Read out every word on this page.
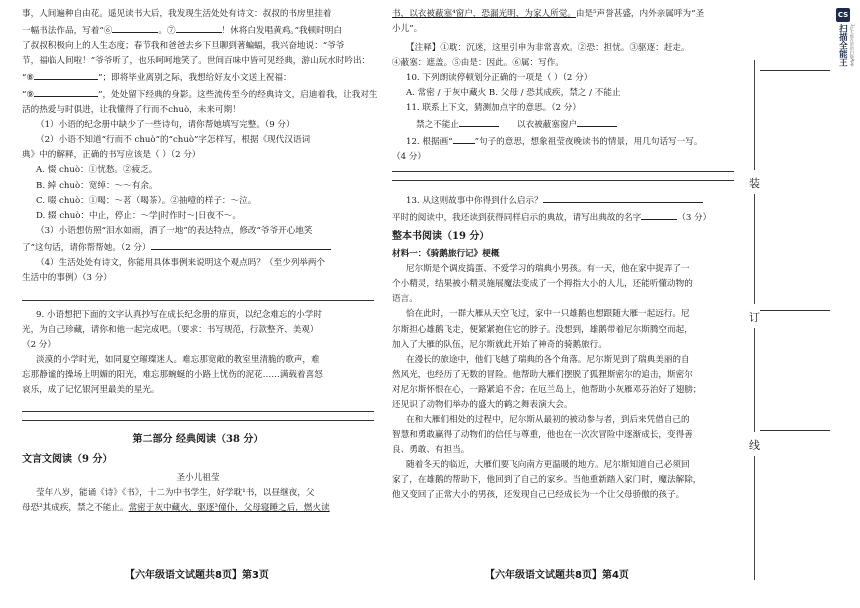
事，人间遍种自由花。遥见读书大后，我发现生活处处有诗文：叔叔的书房里挂着
一幅书法作品，写着“⑥	。⑦	！休将白发唱黄鸡。”我顿时明白
了叔叔积极向上的人生态度；春节我和爸爸去乡下旦聊到著蝙蝠，我兴奋地说：“爷爷
节，福临人间啦！”爷爷听了，也乐呵呵地笑了。世间百味中皆可见经典，游山玩水时吟出：
“⑧	”；即将毕业离别之际，我想给好友小文送上祝福：
“⑨	”，处处留下经典的身影。这些流传至今的经典诗文，启迪着我，让我对生
活的热爱与时俱进，让我懂得了行而不chuò，未来可期！
（1）小语的纪念册中缺少了一些诗句，请你帮她填写完整。（9 分）
（2）小语不知道“行而不 chuò”的“chuò”字怎样写，根据《现代汉语词
典》中的解释，正确的书写应该是（ ）（2 分）
A. 惙 chuò：①忧愁。②疲乏。
B. 綽 chuò：宽绰：～～有余。
C. 啜 chuò：①喝：～茗（喝茶）。②抽噎的样子：～泣。
D. 辍 chuò：中止，停止：～学|时作时～|日夜不～。
（3）小语想仿照“泪水如雨，洒了一地”的表达特点，修改“爷爷开心地笑
了”这句话，请你帮帮她。（2 分）
（4）生活处处有诗文，你能用具体事例来说明这个观点吗？（至少列举两个
生活中的事例）（3 分）
9. 小语想把下面的文字认真抄写在成长纪念册的扉页，以纪念难忘的小学时
光，为自己珍藏，请你和他一起完成吧。（要求：书写规范，行款整齐、美观）
（2 分）
淡漠的小学时光，如同夏空璀璨迷人。难忘那宽敞的教室里清脆的歌声，难
忘那静谧的操场上明媚的阳光，难忘那蜿蜒的小路上忧伤的泥花……满载着喜怒
哀乐，成了记忆银河里最美的星光。
第二部分 经典阅读（38 分）
文言文阅读（9 分）
圣小儿祖莹
莹年八岁，能诵《诗》《书》，十二为中书学生，好学耽¹书，以昼继夜，父
母恐²其成疾，禁之不能止。常密于灰中藏火，驱逐³僮仆，父母寝睡之后，燃火读
书，以衣被蔽塞⁴窗户，恐漏光明，为家人所觉。由是⁵声誉甚盛，内外亲属呼为“圣
小儿”。
【注释】①耽：沉迷，这里引申为非常喜欢。②恐：担忧。③驱逐：赶走。
④蔽塞：遮盖。⑤由是：因此。⑥属：写作。
10. 下列朗读停顿划分正确的一项是（ ）（2 分）
A. 常密 / 于灰中藏火 B. 父母 / 恐其成疾，禁之 / 不能止
11. 联系上下文，猜测加点字的意思。（2 分）
禁之不能止	以衣被蔽塞窗户
12. 根据画“	”句子的意思，想象祖莹夜晚读书的情景，用几句话写一写。
（4 分）
13. 从这则故事中你得到什么启示？
平时的阅读中，我还读到获得同样启示的典故，请写出典故的名字	（3 分）
整本书阅读（19 分）
材料一：《骑鹅旅行记》梗概
尼尔斯是个调皮捣蛋、不爱学习的瑞典小男孩。有一天，他在家中捉弄了一
个小精灵，结果被小精灵施展魔法变成了一个拇指大小的人儿，还能听懂动物的
语言。
恰在此时，一群大雁从天空飞过，家中一只雄鹅也想跟随大雁一起远行。尼
尔斯担心雄鹅飞走，便紧紧抱住它的脖子。没想到，雄鹅带着尼尔斯腾空而起，
加入了大雁的队伍，尼尔斯就此开始了神奇的骑鹅旅行。
在漫长的旅途中，他们飞越了瑞典的各个角落。尼尔斯见到了瑞典美丽的自
然风光，也经历了无数的冒险。他帮助大雁们摆脱了狐狸斯密尔的追击，斯密尔
对尼尔斯怀恨在心，一路紧追不舍；在厄兰岛上，他帮助小灰雁邓芬治好了翅膀；
还见识了动物们举办的盛大的鹤之舞表演大会。
在和大雁们相处的过程中，尼尔斯从最初的被动参与者，到后来凭借自己的
智慧和勇敢赢得了动物们的信任与尊重，他也在一次次冒险中逐渐成长，变得善
良、勇敢、有担当。
随着冬天的临近，大雁们要飞向南方更温暖的地方。尼尔斯知道自己必须回
家了，在雄鹅的帮助下，他回到了自己的家乡。当他重新踏入家门时，魔法解除，
他又变回了正常大小的男孩，还发现自己已经成长为一个让父母骄傲的孩子。
【六年级语文试题共8页】第3页	【六年级语文试题共8页】第4页
装
订
线
CS
扫描全能王 3亿人都在用的扫描App
